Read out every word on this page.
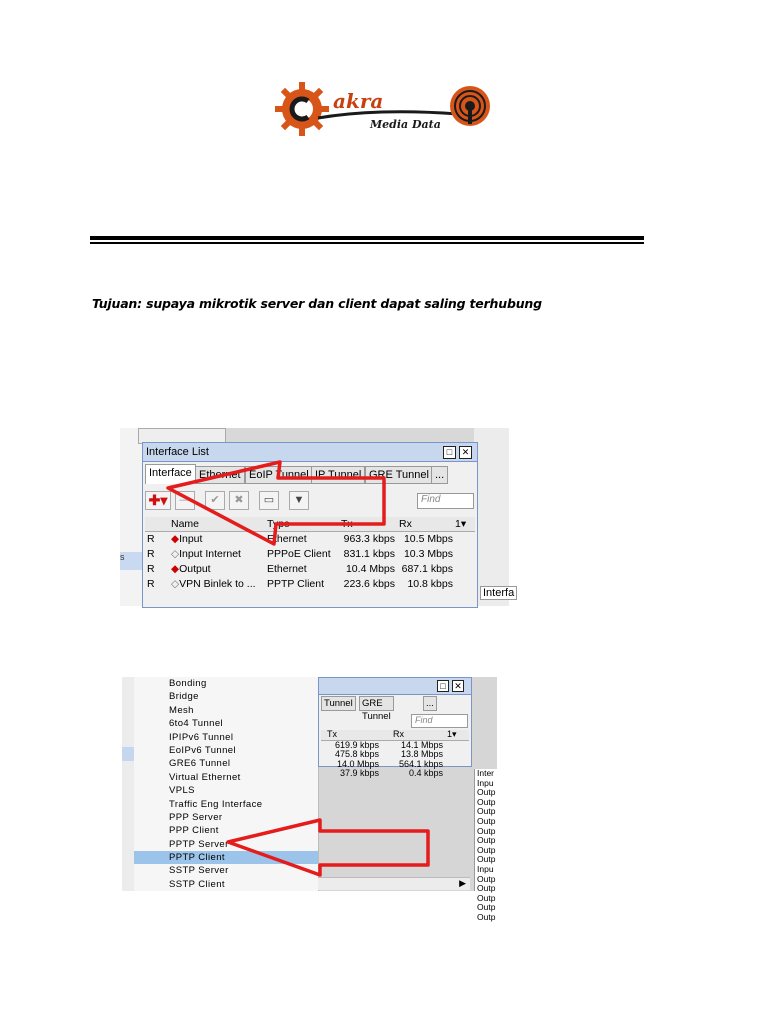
akra
Media Data
Tujuan: supaya mikrotik server dan client dapat saling terhubung
s
Interfa
Interface List	□	✕
Interface Ethernet EoIP Tunnel IP Tunnel GRE Tunnel ...
✚▾	—	✔	✖	▭	▼	Find
Name	Type	Tx	Rx	1▾
R	◆Input	Ethernet	963.3 kbps 10.5 Mbps
R	◇Input Internet	PPPoE Client	831.1 kbps 10.3 Mbps
R	◆Output	Ethernet	10.4 Mbps 687.1 kbps
R	◇VPN Binlek to ...	PPTP Client	223.6 kbps	10.8 kbps
Bonding
Bridge
Mesh
6to4 Tunnel
IPIPv6 Tunnel
EoIPv6 Tunnel
GRE6 Tunnel
Virtual Ethernet
VPLS
Traffic Eng Interface
PPP Server
PPP Client
PPTP Server
PPTP Client
SSTP Server
SSTP Client
□ ✕
Tunnel GRE Tunnel
...
Find
Tx	Rx	1▾
619.9 kbps	14.1 Mbps
475.8 kbps	13.8 Mbps
14.0 Mbps	564.1 kbps
37.9 kbps	0.4 kbps	Inter
Inpu
Outp
Outp
Outp
Outp
Outp
Outp
Outp
Outp
Inpu
Outp
Outp
Outp
Outp
Outp
▶
